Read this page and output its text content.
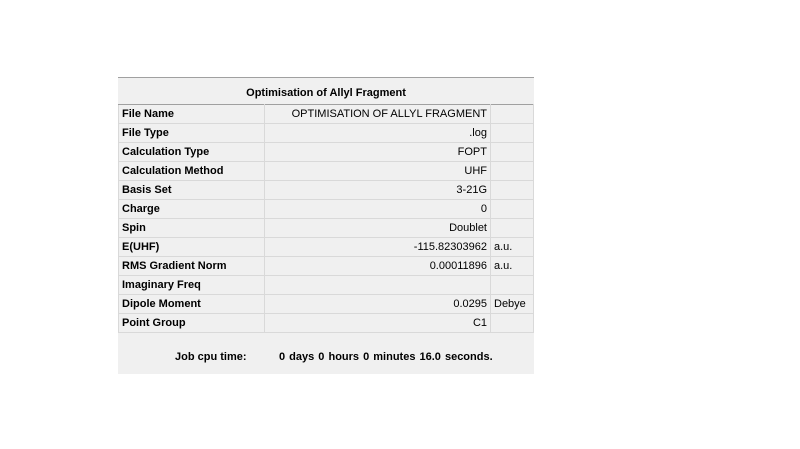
Optimisation of Allyl Fragment
File Name	OPTIMISATION OF ALLYL FRAGMENT	
File Type	.log	
Calculation Type	FOPT	
Calculation Method	UHF	
Basis Set	3-21G	
Charge	0	
Spin	Doublet	
E(UHF)	-115.82303962	a.u.
RMS Gradient Norm	0.00011896	a.u.
Imaginary Freq		
Dipole Moment	0.0295	Debye
Point Group	C1	
Job cpu time:	0 days 0 hours 0 minutes 16.0 seconds.
